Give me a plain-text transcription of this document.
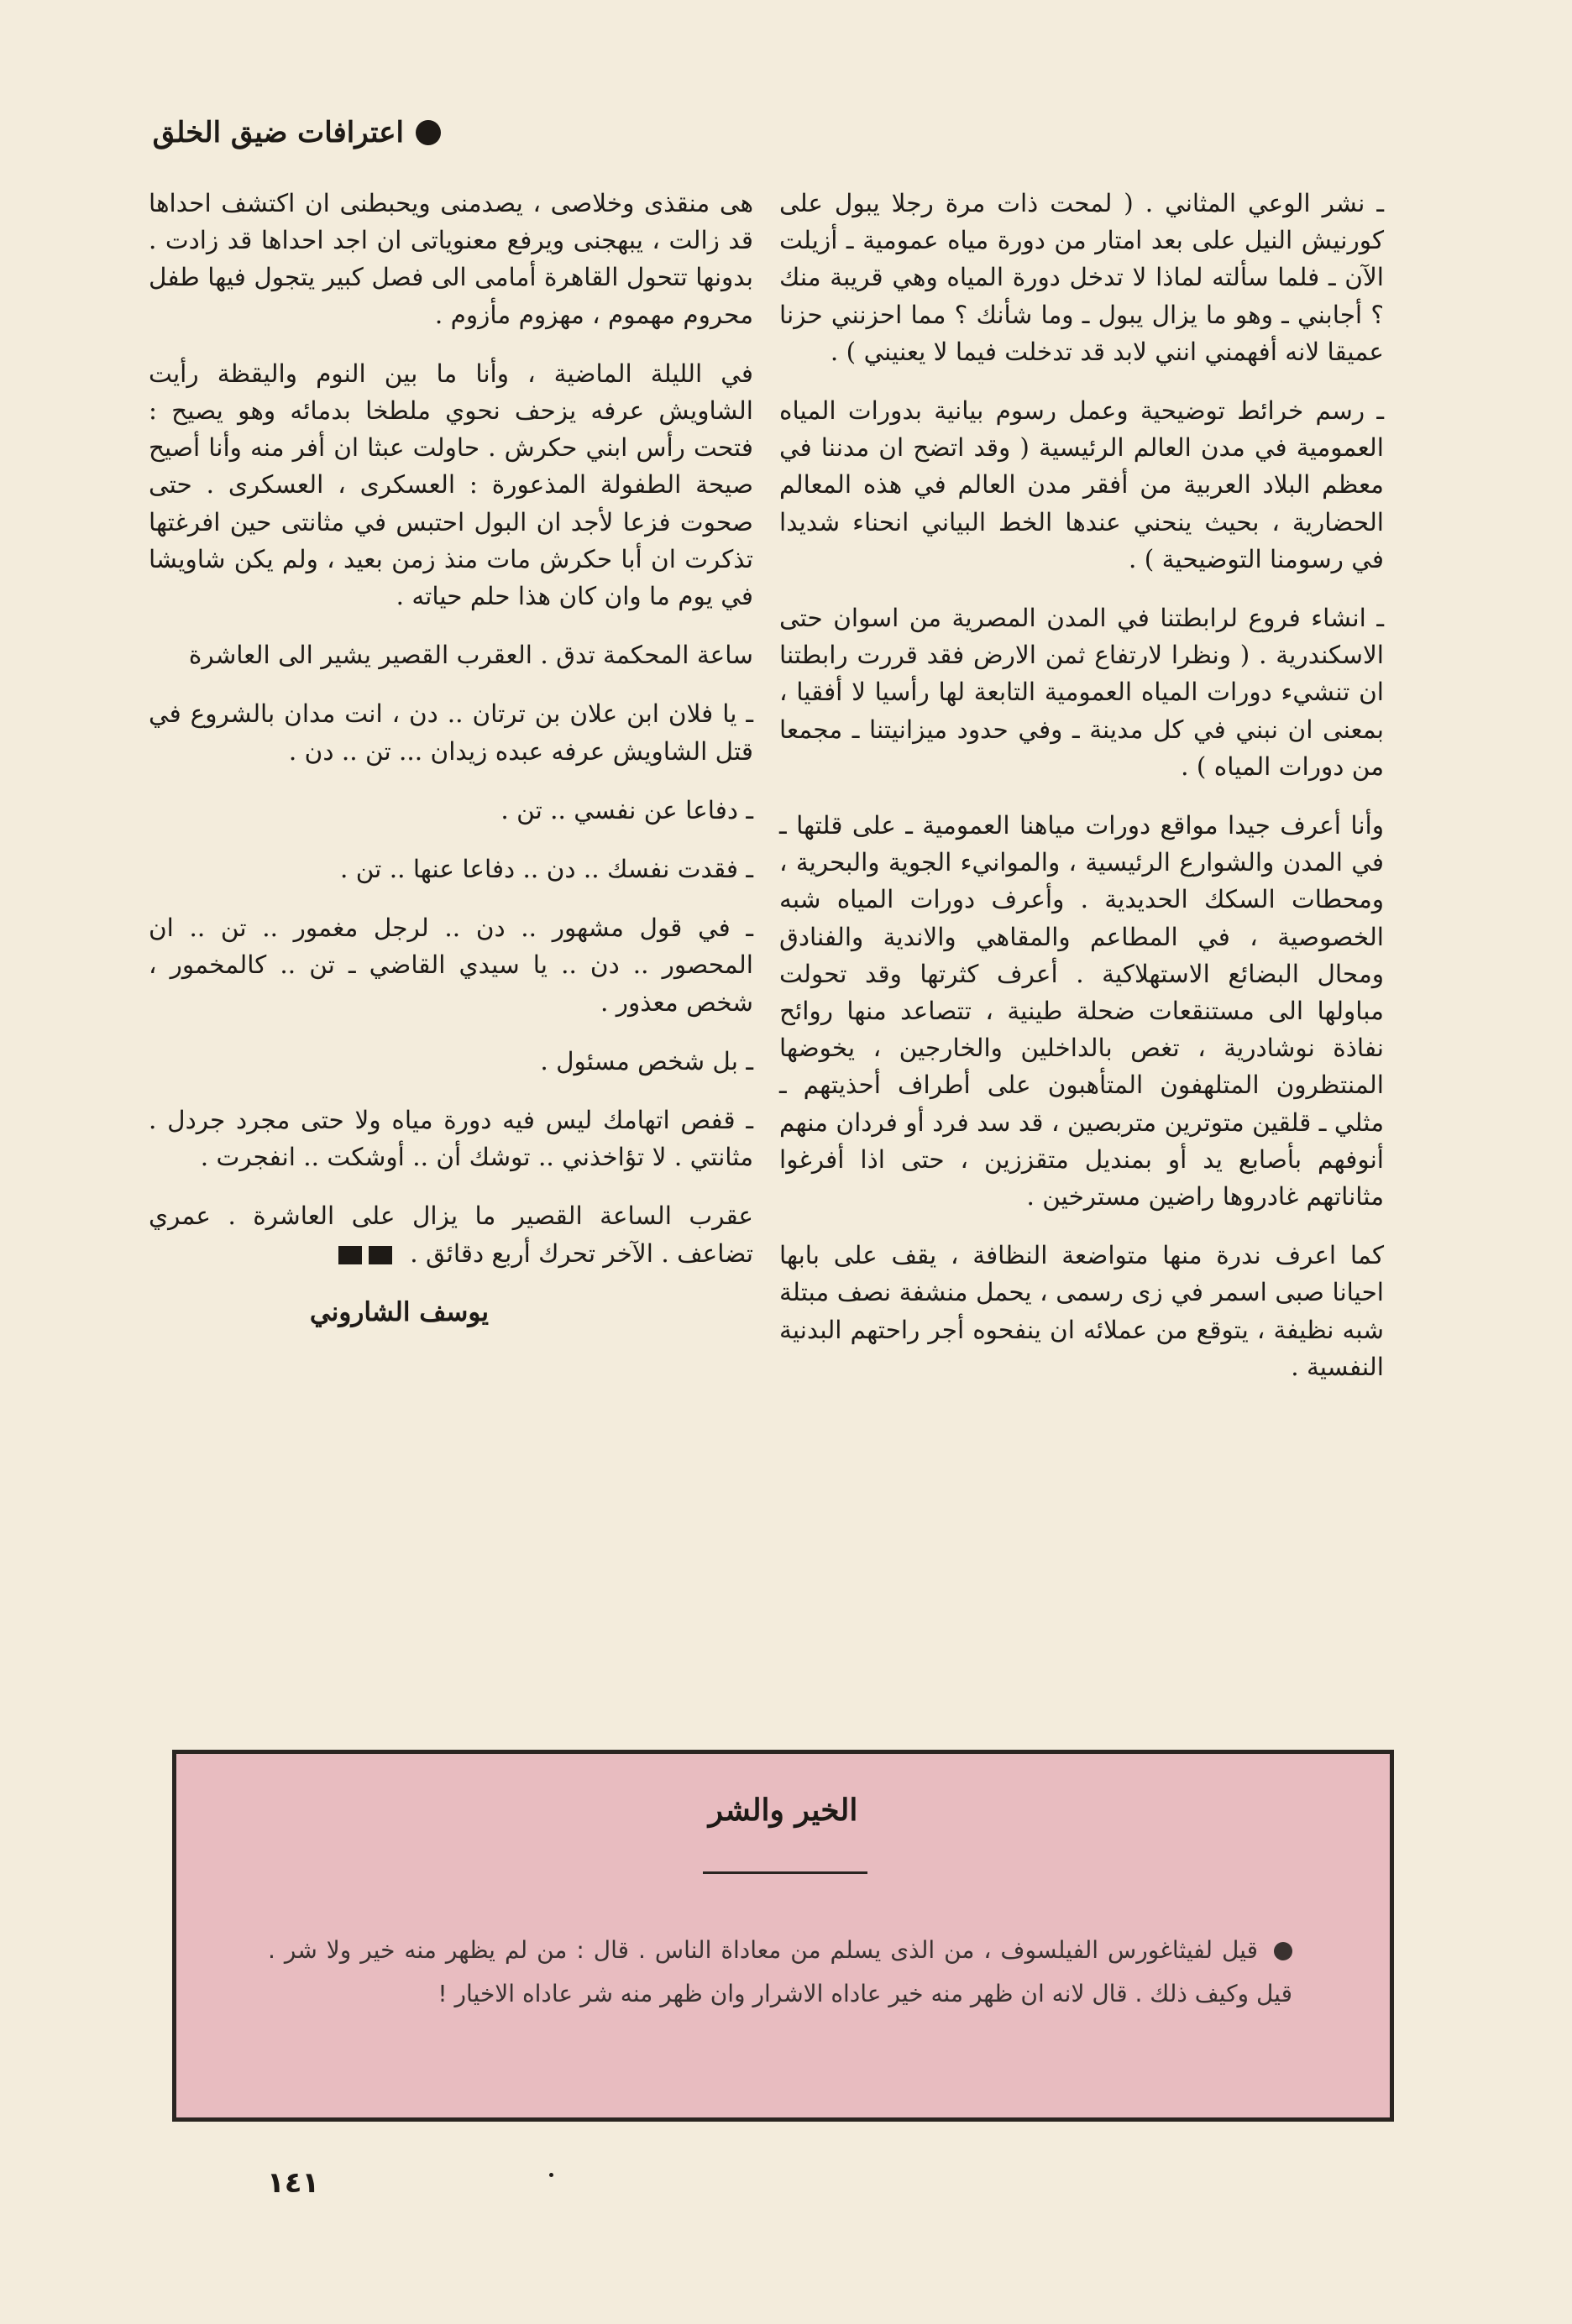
اعترافات ضيق الخلق

ـ نشر الوعي المثاني . ( لمحت ذات مرة رجلا يبول على كورنيش النيل على بعد امتار من دورة مياه عمومية ـ أزيلت الآن ـ فلما سألته لماذا لا تدخل دورة المياه وهي قريبة منك ؟ أجابني ـ وهو ما يزال يبول ـ وما شأنك ؟ مما احزنني حزنا عميقا لانه أفهمني انني لابد قد تدخلت فيما لا يعنيني ) .

ـ رسم خرائط توضيحية وعمل رسوم بيانية بدورات المياه العمومية في مدن العالم الرئيسية ( وقد اتضح ان مدننا في معظم البلاد العربية من أفقر مدن العالم في هذه المعالم الحضارية ، بحيث ينحني عندها الخط البياني انحناء شديدا في رسومنا التوضيحية ) .

ـ انشاء فروع لرابطتنا في المدن المصرية من اسوان حتى الاسكندرية . ( ونظرا لارتفاع ثمن الارض فقد قررت رابطتنا ان تنشيء دورات المياه العمومية التابعة لها رأسيا لا أفقيا ، بمعنى ان نبني في كل مدينة ـ وفي حدود ميزانيتنا ـ مجمعا من دورات المياه ) .

وأنا أعرف جيدا مواقع دورات مياهنا العمومية ـ على قلتها ـ في المدن والشوارع الرئيسية ، والموانيء الجوية والبحرية ، ومحطات السكك الحديدية . وأعرف دورات المياه شبه الخصوصية ، في المطاعم والمقاهي والاندية والفنادق ومحال البضائع الاستهلاكية . أعرف كثرتها وقد تحولت مباولها الى مستنقعات ضحلة طينية ، تتصاعد منها روائح نفاذة نوشادرية ، تغص بالداخلين والخارجين ، يخوضها المنتظرون المتلهفون المتأهبون على أطراف أحذيتهم ـ مثلي ـ قلقين متوترين متربصين ، قد سد فرد أو فردان منهم أنوفهم بأصابع يد أو بمنديل متقززين ، حتى اذا أفرغوا مثاناتهم غادروها راضين مسترخين .

كما اعرف ندرة منها متواضعة النظافة ، يقف على بابها احيانا صبى اسمر في زى رسمى ، يحمل منشفة نصف مبتلة شبه نظيفة ، يتوقع من عملائه ان ينفحوه أجر راحتهم البدنية النفسية .

هى منقذى وخلاصى ، يصدمنى ويحبطنى ان اكتشف احداها قد زالت ، يبهجنى ويرفع معنوياتى ان اجد احداها قد زادت . بدونها تتحول القاهرة أمامى الى فصل كبير يتجول فيها طفل محروم مهموم ، مهزوم مأزوم .

في الليلة الماضية ، وأنا ما بين النوم واليقظة رأيت الشاويش عرفه يزحف نحوي ملطخا بدمائه وهو يصيح : فتحت رأس ابني حكرش . حاولت عبثا ان أفر منه وأنا أصيح صيحة الطفولة المذعورة : العسكرى ، العسكرى . حتى صحوت فزعا لأجد ان البول احتبس في مثانتى حين افرغتها تذكرت ان أبا حكرش مات منذ زمن بعيد ، ولم يكن شاويشا في يوم ما وان كان هذا حلم حياته .

ساعة المحكمة تدق . العقرب القصير يشير الى العاشرة

ـ يا فلان ابن علان بن ترتان .. دن ، انت مدان بالشروع في قتل الشاويش عرفه عبده زيدان ... تن .. دن .

ـ دفاعا عن نفسي .. تن .

ـ فقدت نفسك .. دن .. دفاعا عنها .. تن .

ـ في قول مشهور .. دن .. لرجل مغمور .. تن .. ان المحصور .. دن .. يا سيدي القاضي ـ تن .. كالمخمور ، شخص معذور .

ـ بل شخص مسئول .

ـ قفص اتهامك ليس فيه دورة مياه ولا حتى مجرد جردل . مثانتي . لا تؤاخذني .. توشك أن .. أوشكت .. انفجرت .

عقرب الساعة القصير ما يزال على العاشرة . عمري تضاعف . الآخر تحرك أربع دقائق .

يوسف الشاروني
الخير والشر
قيل لفيثاغورس الفيلسوف ، من الذى يسلم من معاداة الناس . قال : من لم يظهر منه خير ولا شر . قيل وكيف ذلك . قال لانه ان ظهر منه خير عاداه الاشرار وان ظهر منه شر عاداه الاخيار !
١٤١
